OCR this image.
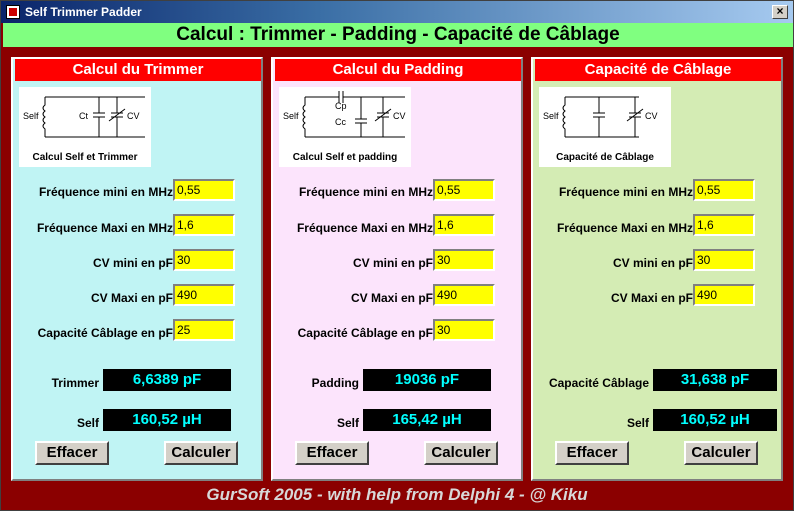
Self Trimmer Padder	×
Calcul : Trimmer - Padding - Capacité de Câblage
Calcul du Trimmer
Self	Ct	CV
Calcul Self et Trimmer
Fréquence mini en MHz 0,55
Fréquence Maxi en MHz 1,6
CV mini en pF 30
CV Maxi en pF 490
Capacité Câblage en pF 25
Trimmer	6,6389 pF
Self	160,52 µH
Calcul du Padding
Self
Cp
Cc
CV
Calcul Self et padding
Fréquence mini en MHz 0,55
Fréquence Maxi en MHz 1,6
CV mini en pF 30
CV Maxi en pF 490
Capacité Câblage en pF 30
Padding	19036 pF
Self	165,42 µH
Capacité de Câblage
Self	CV
Capacité de Câblage
Fréquence mini en MHz 0,55
Fréquence Maxi en MHz 1,6
CV mini en pF 30
CV Maxi en pF 490
Capacité Câblage	31,638 pF
Self	160,52 µH
Effacer	Calculer	Effacer	Calculer	Effacer	Calculer
GurSoft 2005 - with help from Delphi 4 - @ Kiku
